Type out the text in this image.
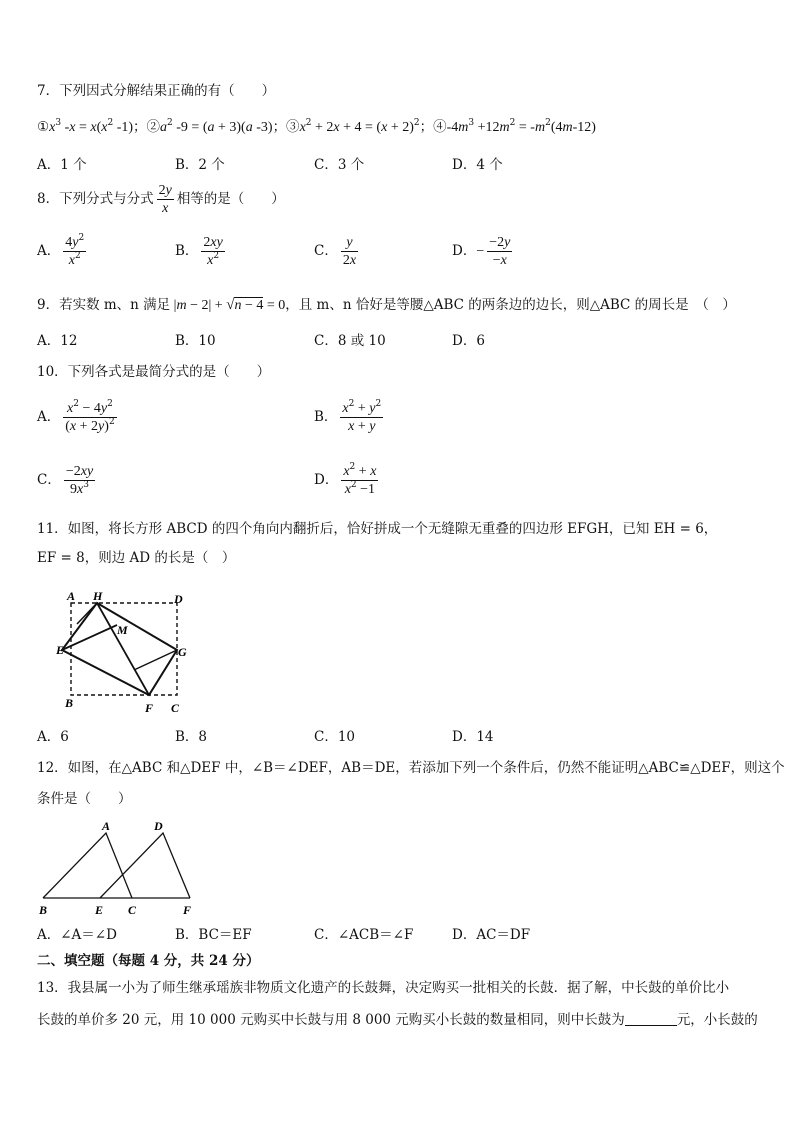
7．下列因式分解结果正确的有（　　）
$①x^3$ $-x = x(x^2$ -1)；$②a^2$ -9 = (a + 3)(a -3)；$③x^2 + 2x + 4 = (x + 2)^2$；$④-4m^3 +12m^2 = -m^2(4m-12)$
A．1 个	B．2 个	C．3 个	D．4 个
8．下列分式与分式 $\frac{2y}{x}$ 相等的是（　　）
A． $\frac{4y^2}{x^2}$	B． $\frac{2xy}{x^2}$	C． $\frac{y}{2x}$	D．− $\frac{-2y}{-x}$
9．若实数 m、n 满足 |m − 2| + √n − 4 = 0，且 m、n 恰好是等腰△ABC 的两条边的边长，则△ABC 的周长是　（　）
A．12	B．10	C．8 或 10	D．6
10．下列各式是最简分式的是（　　）
A． $\frac{x^2 - 4y^2}{(x + 2y)^2}$	B． $\frac{x^2 + y^2}{x + y}$
C． $\frac{-2xy}{9x^3}$	D． $\frac{x^2 + x}{x^2 -1}$
11．如图，将长方形 ABCD 的四个角向内翻折后，恰好拼成一个无缝隙无重叠的四边形 EFGH，已知 EH = 6，
EF = 8，则边 AD 的长是（　）
A H	D
M
E	G
B	F C
A．6	B．8	C．10	D．14
12．如图，在△ABC 和△DEF 中，∠B＝∠DEF，AB＝DE，若添加下列一个条件后，仍然不能证明△ABC≌△DEF，则这个
条件是（　　）
A	D
B	E C	F
A．∠A＝∠D	B．BC＝EF	C．∠ACB＝∠F	D．AC＝DF
二、填空题（每题 4 分，共 24 分）
13．我县属一小为了师生继承瑶族非物质文化遗产的长鼓舞，决定购买一批相关的长鼓．据了解，中长鼓的单价比小
长鼓的单价多 20 元，用 10 000 元购买中长鼓与用 8 000 元购买小长鼓的数量相同，则中长鼓为	元，小长鼓的
